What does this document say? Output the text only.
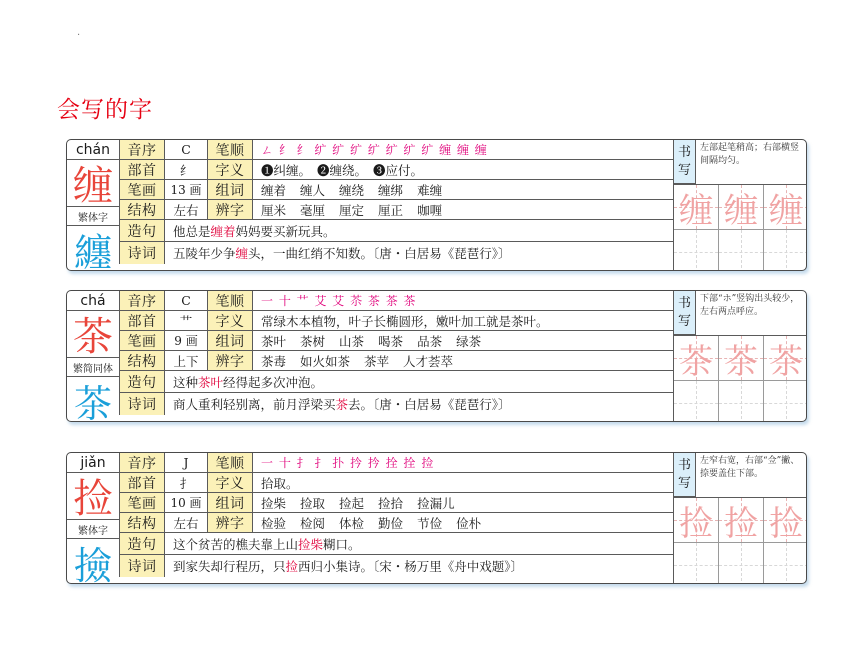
·
会写的字
chán
缠
繁体字
纏
音序	C	笔顺	ㄥ 纟 纟 纩 纩 纩 纩 纩 纩 纩 缠 缠 缠
部首	纟	字义	❶纠缠。 ❷缠绕。 ❸应付。
笔画	13 画 组词	缠着 缠人 缠绕 缠绑 难缠
结构	左右	辨字	厘米 毫厘 厘定 厘正 咖喱
造句	他总是 缠着 妈妈要买新玩具。
诗词	五陵年少争 缠 头，一曲红绡不知数。〔唐・白居易《琵琶行》〕
书
写
左部起笔稍高；右部横竖间隔均匀。
缠 缠 缠
chá
茶
繁简同体
茶
音序	C	笔顺	一 十 艹 艾 艾 苶 茶 茶 茶
部首	艹	字义	常绿木本植物，叶子长椭圆形，嫩叶加工就是茶叶。
笔画	9 画	组词	茶叶 茶树 山茶 喝茶 品茶 绿茶
结构	上下	辨字	茶毒 如火如茶 茶苹 人才荟萃
造句	这种 茶叶 经得起多次冲泡。
诗词	商人重利轻别离，前月浮梁买 茶 去。〔唐・白居易《琵琶行》〕
书
写
下部“ホ”竖钩出头较少，左右两点呼应。
茶 茶 茶
jiǎn
捡
繁体字
撿
音序	J	笔顺	一 十 扌 扌 扑 扲 扲 拴 拴 捡
部首	扌	字义	拾取。
笔画	10 画 组词	捡柴 捡取 捡起 捡拾 捡漏儿
结构	左右	辨字	检验 检阅 体检 勤俭 节俭 俭朴
造句	这个贫苦的樵夫靠上山 捡柴 糊口。
诗词	到家失却行程历，只 捡 西归小集诗。〔宋・杨万里《舟中戏题》〕
书
写
左窄右宽，右部“佥”撇、捺要盖住下部。
捡 捡 捡
